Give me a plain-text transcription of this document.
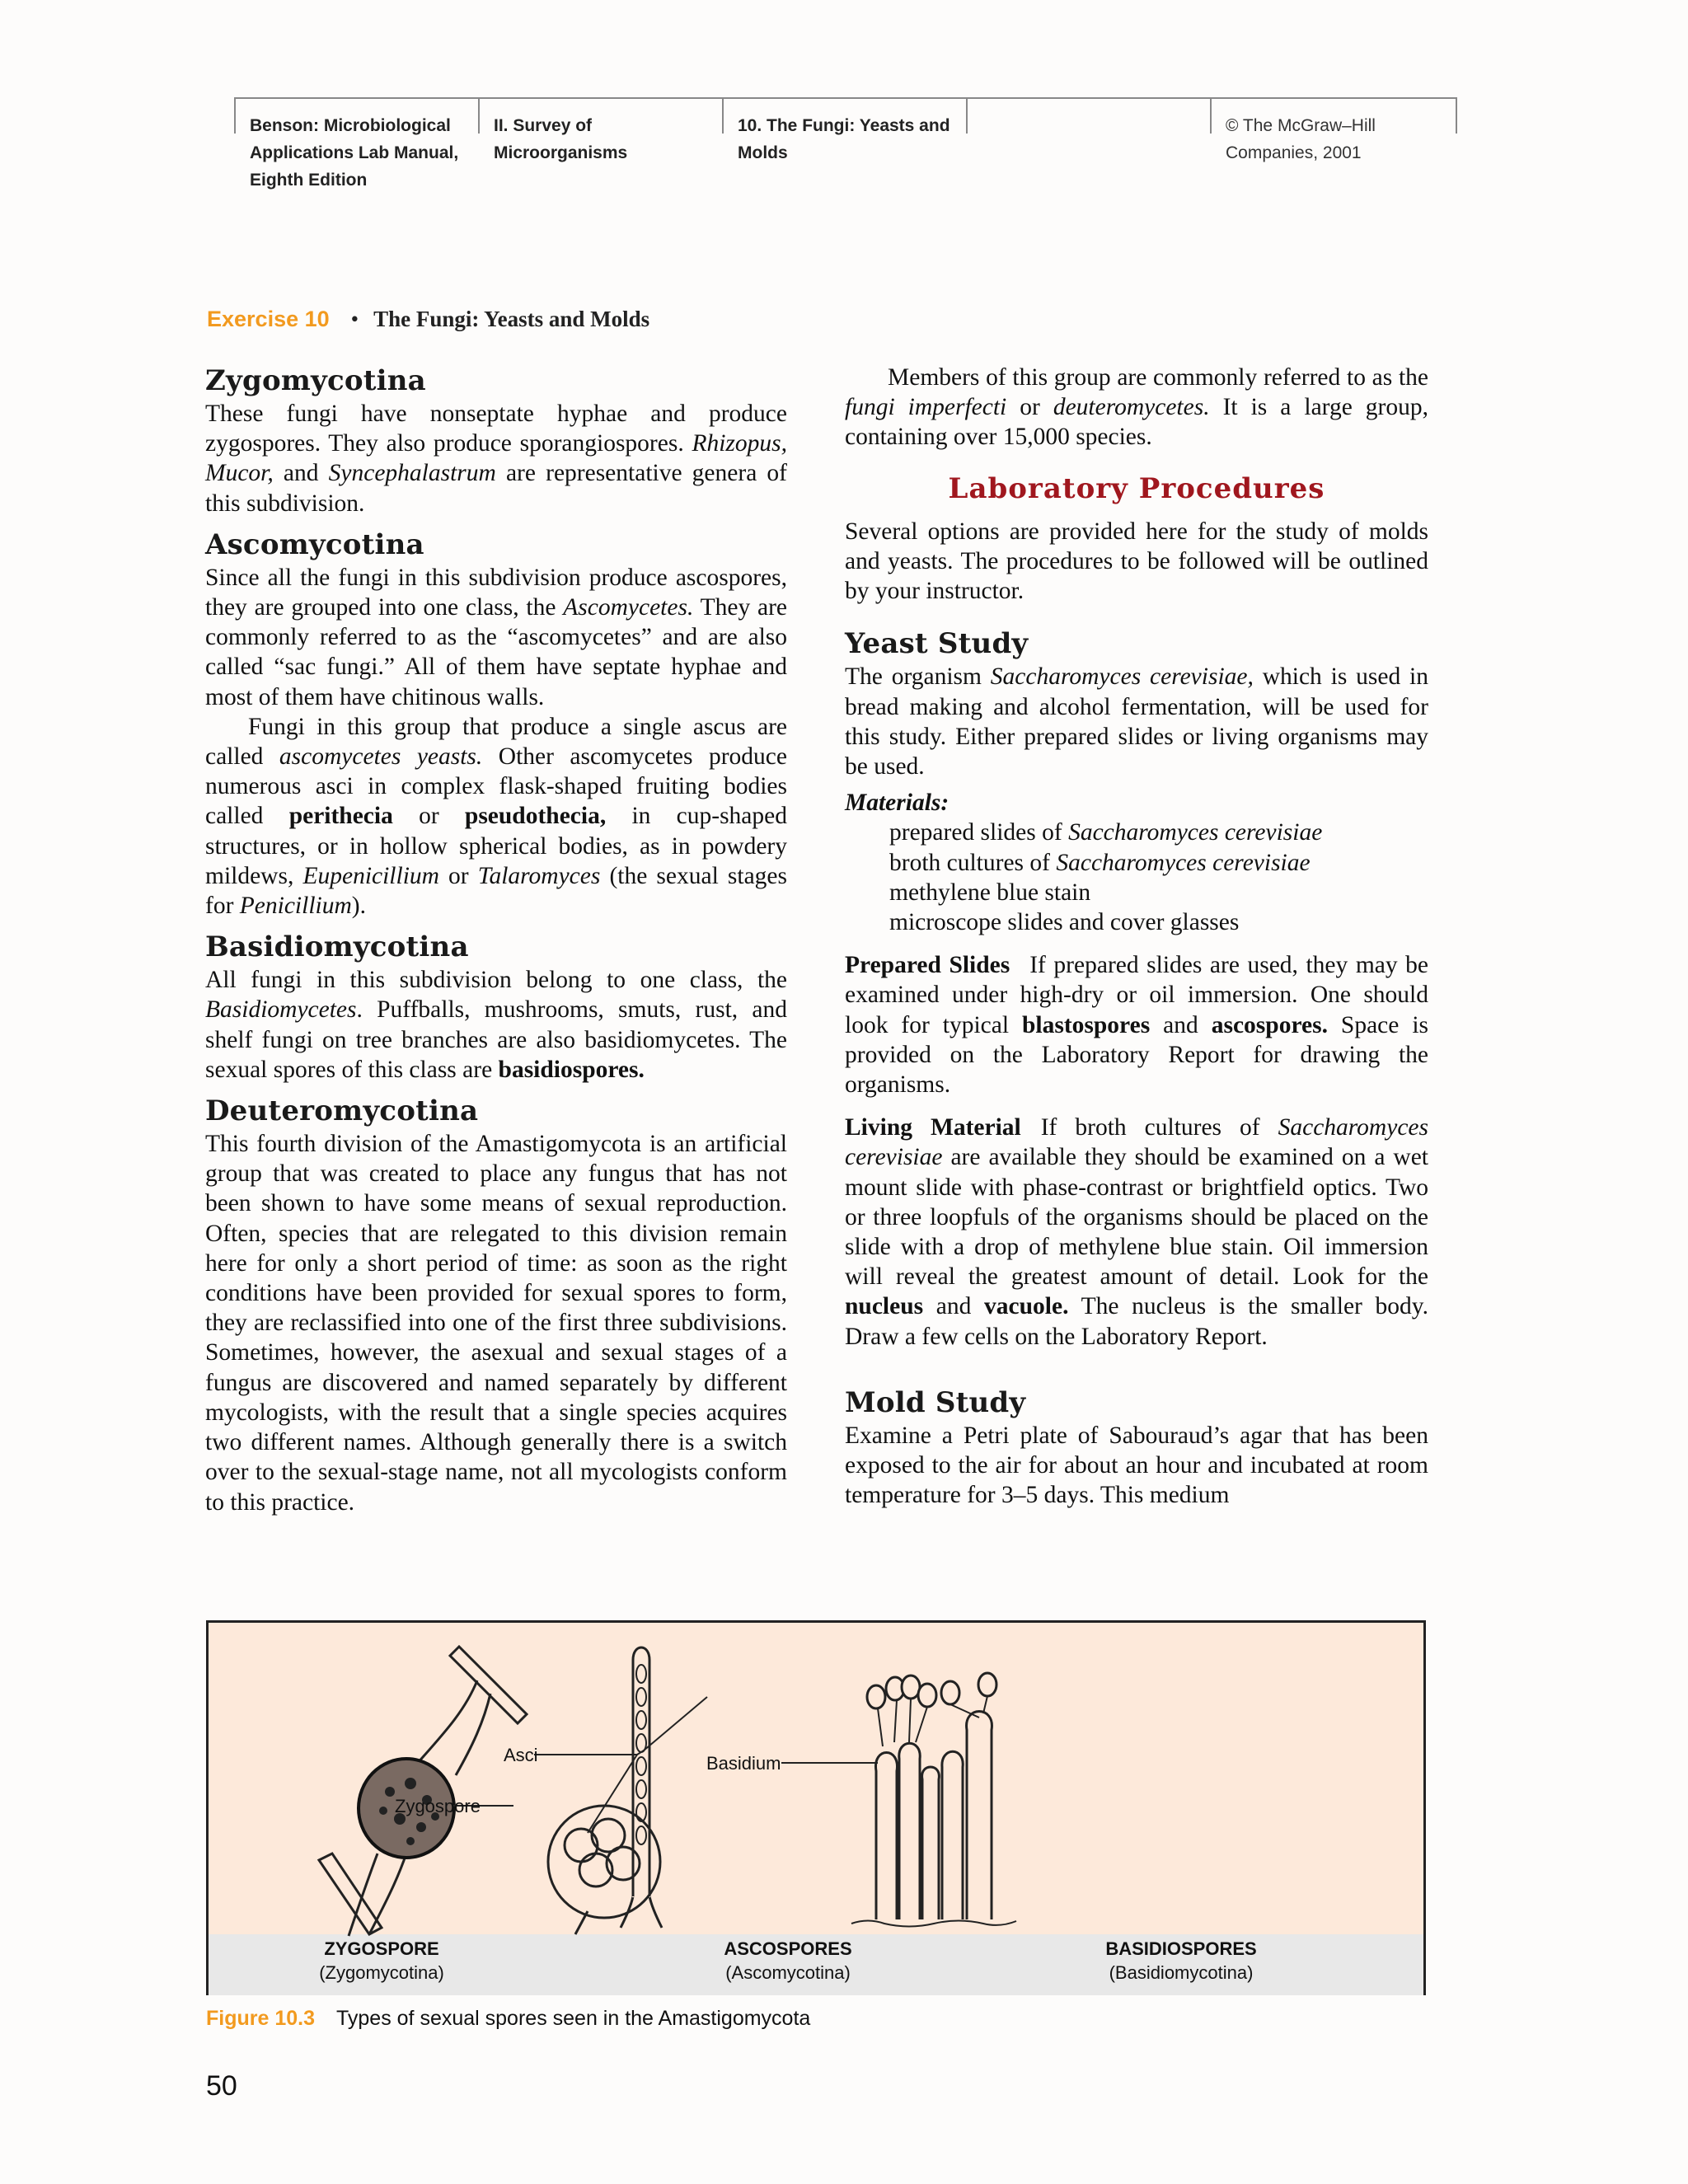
Benson: Microbiological
Applications Lab Manual,
Eighth Edition
II. Survey of
Microorganisms
10. The Fungi: Yeasts and
Molds
© The McGraw–Hill
Companies, 2001
Exercise 10 • The Fungi: Yeasts and Molds
Zygomycotina

These fungi have nonseptate hyphae and produce zygospores. They also produce sporangiospores. Rhizopus, Mucor, and Syncephalastrum are representative genera of this subdivision.

Ascomycotina

Since all the fungi in this subdivision produce ascospores, they are grouped into one class, the Ascomycetes. They are commonly referred to as the “ascomycetes” and are also called “sac fungi.” All of them have septate hyphae and most of them have chitinous walls.

Fungi in this group that produce a single ascus are called ascomycetes yeasts. Other ascomycetes produce numerous asci in complex flask-shaped fruiting bodies called perithecia or pseudothecia, in cup-shaped structures, or in hollow spherical bodies, as in powdery mildews, Eupenicillium or Talaromyces (the sexual stages for Penicillium).

Basidiomycotina

All fungi in this subdivision belong to one class, the Basidiomycetes. Puffballs, mushrooms, smuts, rust, and shelf fungi on tree branches are also basidiomycetes. The sexual spores of this class are basidiospores.

Deuteromycotina

This fourth division of the Amastigomycota is an artificial group that was created to place any fungus that has not been shown to have some means of sexual reproduction. Often, species that are relegated to this division remain here for only a short period of time: as soon as the right conditions have been provided for sexual spores to form, they are reclassified into one of the first three subdivisions. Sometimes, however, the asexual and sexual stages of a fungus are discovered and named separately by different mycologists, with the result that a single species acquires two different names. Although generally there is a switch over to the sexual-stage name, not all mycologists conform to this practice.

Members of this group are commonly referred to as the fungi imperfecti or deuteromycetes. It is a large group, containing over 15,000 species.

Laboratory Procedures

Several options are provided here for the study of molds and yeasts. The procedures to be followed will be outlined by your instructor.

Yeast Study

The organism Saccharomyces cerevisiae, which is used in bread making and alcohol fermentation, will be used for this study. Either prepared slides or living organisms may be used.

Materials:
prepared slides of Saccharomyces cerevisiae
broth cultures of Saccharomyces cerevisiae
methylene blue stain
microscope slides and cover glasses

Prepared Slides If prepared slides are used, they may be examined under high-dry or oil immersion. One should look for typical blastospores and ascospores. Space is provided on the Laboratory Report for drawing the organisms.

Living Material If broth cultures of Saccharomyces cerevisiae are available they should be examined on a wet mount slide with phase-contrast or brightfield optics. Two or three loopfuls of the organisms should be placed on the slide with a drop of methylene blue stain. Oil immersion will reveal the greatest amount of detail. Look for the nucleus and vacuole. The nucleus is the smaller body. Draw a few cells on the Laboratory Report.

Mold Study

Examine a Petri plate of Sabouraud’s agar that has been exposed to the air for about an hour and incubated at room temperature for 3–5 days. This medium

Zygospore
Asci	Basidium
ZYGOSPORE
(Zygomycotina)
ASCOSPORES
(Ascomycotina)
BASIDIOSPORES
(Basidiomycotina)
Figure 10.3 Types of sexual spores seen in the Amastigomycota
50
